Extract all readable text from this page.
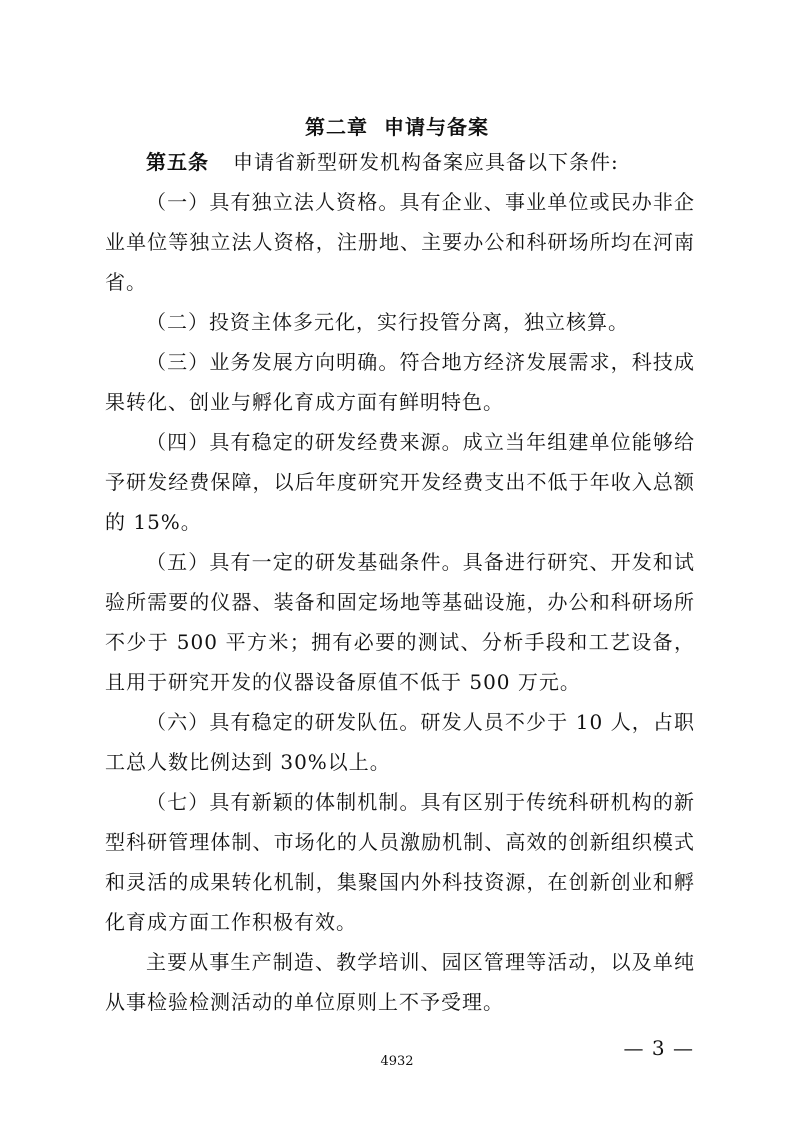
第二章  申请与备案

第五条 申请省新型研发机构备案应具备以下条件:

（一）具有独立法人资格。具有企业、事业单位或民办非企业单位等独立法人资格，注册地、主要办公和科研场所均在河南省。

（二）投资主体多元化，实行投管分离，独立核算。

（三）业务发展方向明确。符合地方经济发展需求，科技成果转化、创业与孵化育成方面有鲜明特色。

（四）具有稳定的研发经费来源。成立当年组建单位能够给予研发经费保障，以后年度研究开发经费支出不低于年收入总额的 15%。

（五）具有一定的研发基础条件。具备进行研究、开发和试验所需要的仪器、装备和固定场地等基础设施，办公和科研场所不少于 500 平方米；拥有必要的测试、分析手段和工艺设备，且用于研究开发的仪器设备原值不低于 500 万元。

（六）具有稳定的研发队伍。研发人员不少于 10 人，占职工总人数比例达到 30%以上。

（七）具有新颖的体制机制。具有区别于传统科研机构的新型科研管理体制、市场化的人员激励机制、高效的创新组织模式和灵活的成果转化机制，集聚国内外科技资源，在创新创业和孵化育成方面工作积极有效。

主要从事生产制造、教学培训、园区管理等活动，以及单纯从事检验检测活动的单位原则上不予受理。

— 3 —
4932
